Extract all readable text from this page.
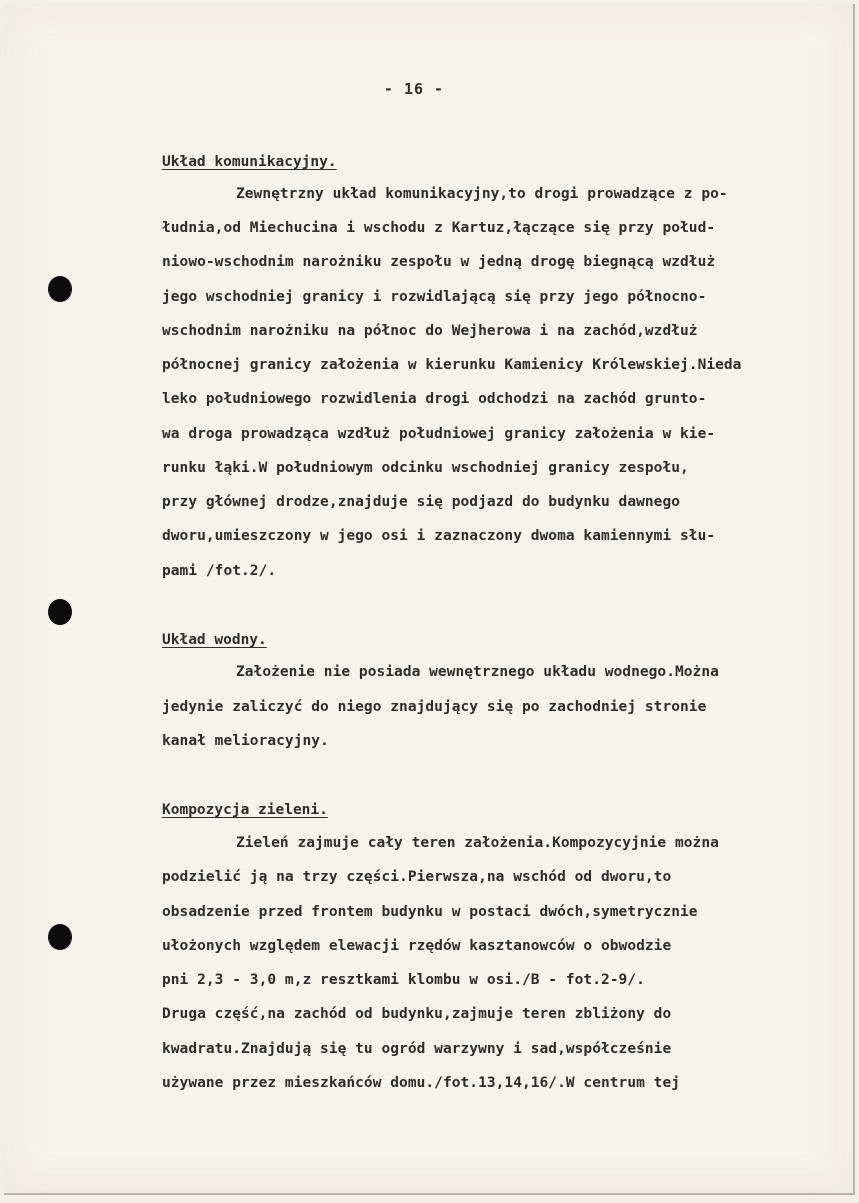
- 16 -
Układ komunikacyjny.
Zewnętrzny układ komunikacyjny,to drogi prowadzące z po-
łudnia,od Miechucina i wschodu z Kartuz,łączące się przy połud-
niowo-wschodnim narożniku zespołu w jedną drogę biegnącą wzdłuż
jego wschodniej granicy i rozwidlającą się przy jego północno-
wschodnim narożniku na północ do Wejherowa i na zachód,wzdłuż
północnej granicy założenia w kierunku Kamienicy Królewskiej.Nieda
leko południowego rozwidlenia drogi odchodzi na zachód grunto-
wa droga prowadząca wzdłuż południowej granicy założenia w kie-
runku łąki.W południowym odcinku wschodniej granicy zespołu,
przy głównej drodze,znajduje się podjazd do budynku dawnego
dworu,umieszczony w jego osi i zaznaczony dwoma kamiennymi słu-
pami /fot.2/.
Układ wodny.
Założenie nie posiada wewnętrznego układu wodnego.Można
jedynie zaliczyć do niego znajdujący się po zachodniej stronie
kanał melioracyjny.
Kompozycja zieleni.
Zieleń zajmuje cały teren założenia.Kompozycyjnie można
podzielić ją na trzy części.Pierwsza,na wschód od dworu,to
obsadzenie przed frontem budynku w postaci dwóch,symetrycznie
ułożonych względem elewacji rzędów kasztanowców o obwodzie
pni 2,3 - 3,0 m,z resztkami klombu w osi./B - fot.2-9/.
Druga część,na zachód od budynku,zajmuje teren zbliżony do
kwadratu.Znajdują się tu ogród warzywny i sad,współcześnie
używane przez mieszkańców domu./fot.13,14,16/.W centrum tej
